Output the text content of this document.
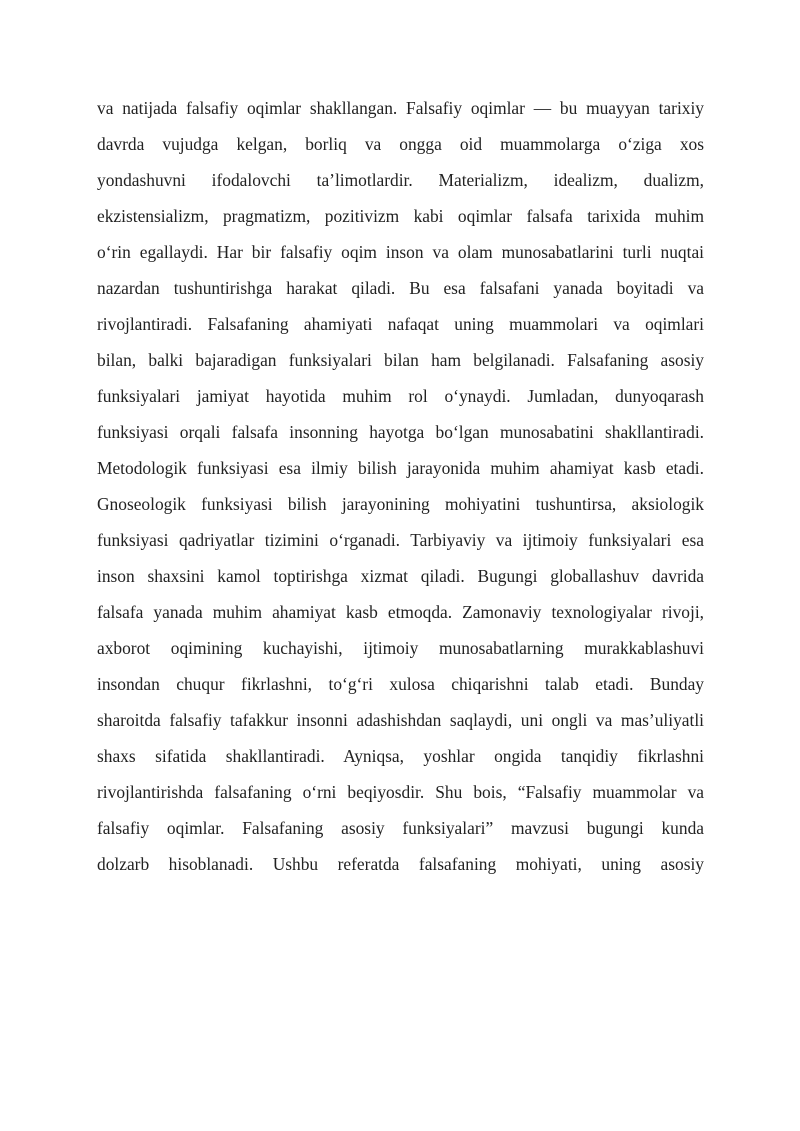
va natijada falsafiy oqimlar shakllangan. Falsafiy oqimlar — bu muayyan tarixiy
davrda vujudga kelgan, borliq va ongga oid muammolarga o‘ziga xos
yondashuvni ifodalovchi ta’limotlardir. Materializm, idealizm, dualizm,
ekzistensializm, pragmatizm, pozitivizm kabi oqimlar falsafa tarixida muhim
o‘rin egallaydi. Har bir falsafiy oqim inson va olam munosabatlarini turli nuqtai
nazardan tushuntirishga harakat qiladi. Bu esa falsafani yanada boyitadi va
rivojlantiradi. Falsafaning ahamiyati nafaqat uning muammolari va oqimlari
bilan, balki bajaradigan funksiyalari bilan ham belgilanadi. Falsafaning asosiy
funksiyalari jamiyat hayotida muhim rol o‘ynaydi. Jumladan, dunyoqarash
funksiyasi orqali falsafa insonning hayotga bo‘lgan munosabatini shakllantiradi.
Metodologik funksiyasi esa ilmiy bilish jarayonida muhim ahamiyat kasb etadi.
Gnoseologik funksiyasi bilish jarayonining mohiyatini tushuntirsa, aksiologik
funksiyasi qadriyatlar tizimini o‘rganadi. Tarbiyaviy va ijtimoiy funksiyalari esa
inson shaxsini kamol toptirishga xizmat qiladi. Bugungi globallashuv davrida
falsafa yanada muhim ahamiyat kasb etmoqda. Zamonaviy texnologiyalar rivoji,
axborot oqimining kuchayishi, ijtimoiy munosabatlarning murakkablashuvi
insondan chuqur fikrlashni, to‘g‘ri xulosa chiqarishni talab etadi. Bunday
sharoitda falsafiy tafakkur insonni adashishdan saqlaydi, uni ongli va mas’uliyatli
shaxs sifatida shakllantiradi. Ayniqsa, yoshlar ongida tanqidiy fikrlashni
rivojlantirishda falsafaning o‘rni beqiyosdir. Shu bois, “Falsafiy muammolar va
falsafiy oqimlar. Falsafaning asosiy funksiyalari” mavzusi bugungi kunda
dolzarb hisoblanadi. Ushbu referatda falsafaning mohiyati, uning asosiy
